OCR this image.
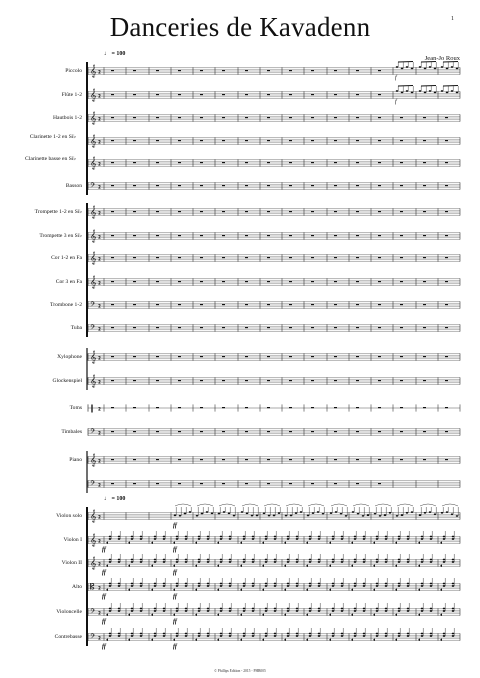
Danceries de Kavadenn	1
Jean-Jo Roux
♩ = 100
♩ = 100
Piccolo
Flûte 1-2
Hautbois 1-2
Clarinette 1-2 en Si♭
Clarinette basse en Si♭
Basson
Trompette 1-2 en Si♭
Trompette 3 en Si♭
Cor 1-2 en Fa
Cor 3 en Fa
Trombone 1-2
Tuba
Xylophone
Glockenspiel
Toms
Timbales
Piano
Violon solo
Violon I
Violon II
Alto
Violoncelle
Contrebasse
𝄞 2
𝄞 2
𝄞 2
𝄞 2
𝄞 2
𝄢 2
𝄞 2
𝄞 2
𝄞 2
𝄞 2
𝄢 2
𝄢 2
𝄞 2
𝄞 2
‖ 2
𝄢 2
𝄞 2
𝄢 2
𝄞 2
𝄞 2
𝄞 2
𝄡 2
𝄢 2
𝄢 2
f
f
ff	ff
ff	ff
ff	ff
ff	ff
ff	ff
ff
© Phillips Edition - 2015 - PHB005
